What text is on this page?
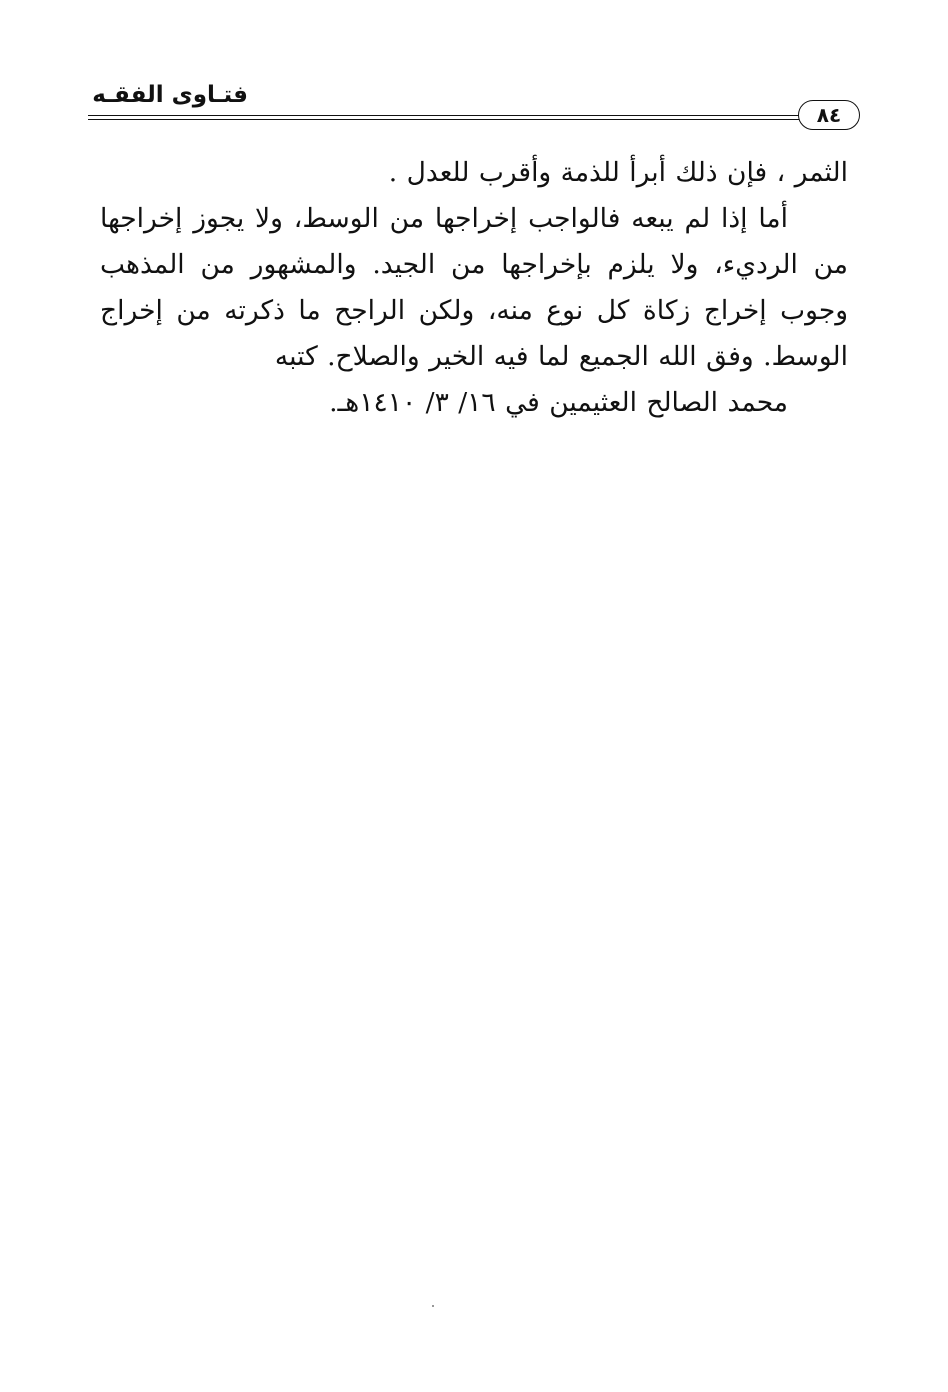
فتـاوى الفقـه
٨٤

الثمر ، فإن ذلك أبرأ للذمة وأقرب للعدل .

أما إذا لم يبعه فالواجب إخراجها من الوسط، ولا يجوز إخراجها من الرديء، ولا يلزم بإخراجها من الجيد. والمشهور من المذهب وجوب إخراج زكاة كل نوع منه، ولكن الراجح ما ذكرته من إخراج الوسط. وفق الله الجميع لما فيه الخير والصلاح. كتبه
محمد الصالح العثيمين في ١٦/ ٣/ ١٤١٠هـ.
